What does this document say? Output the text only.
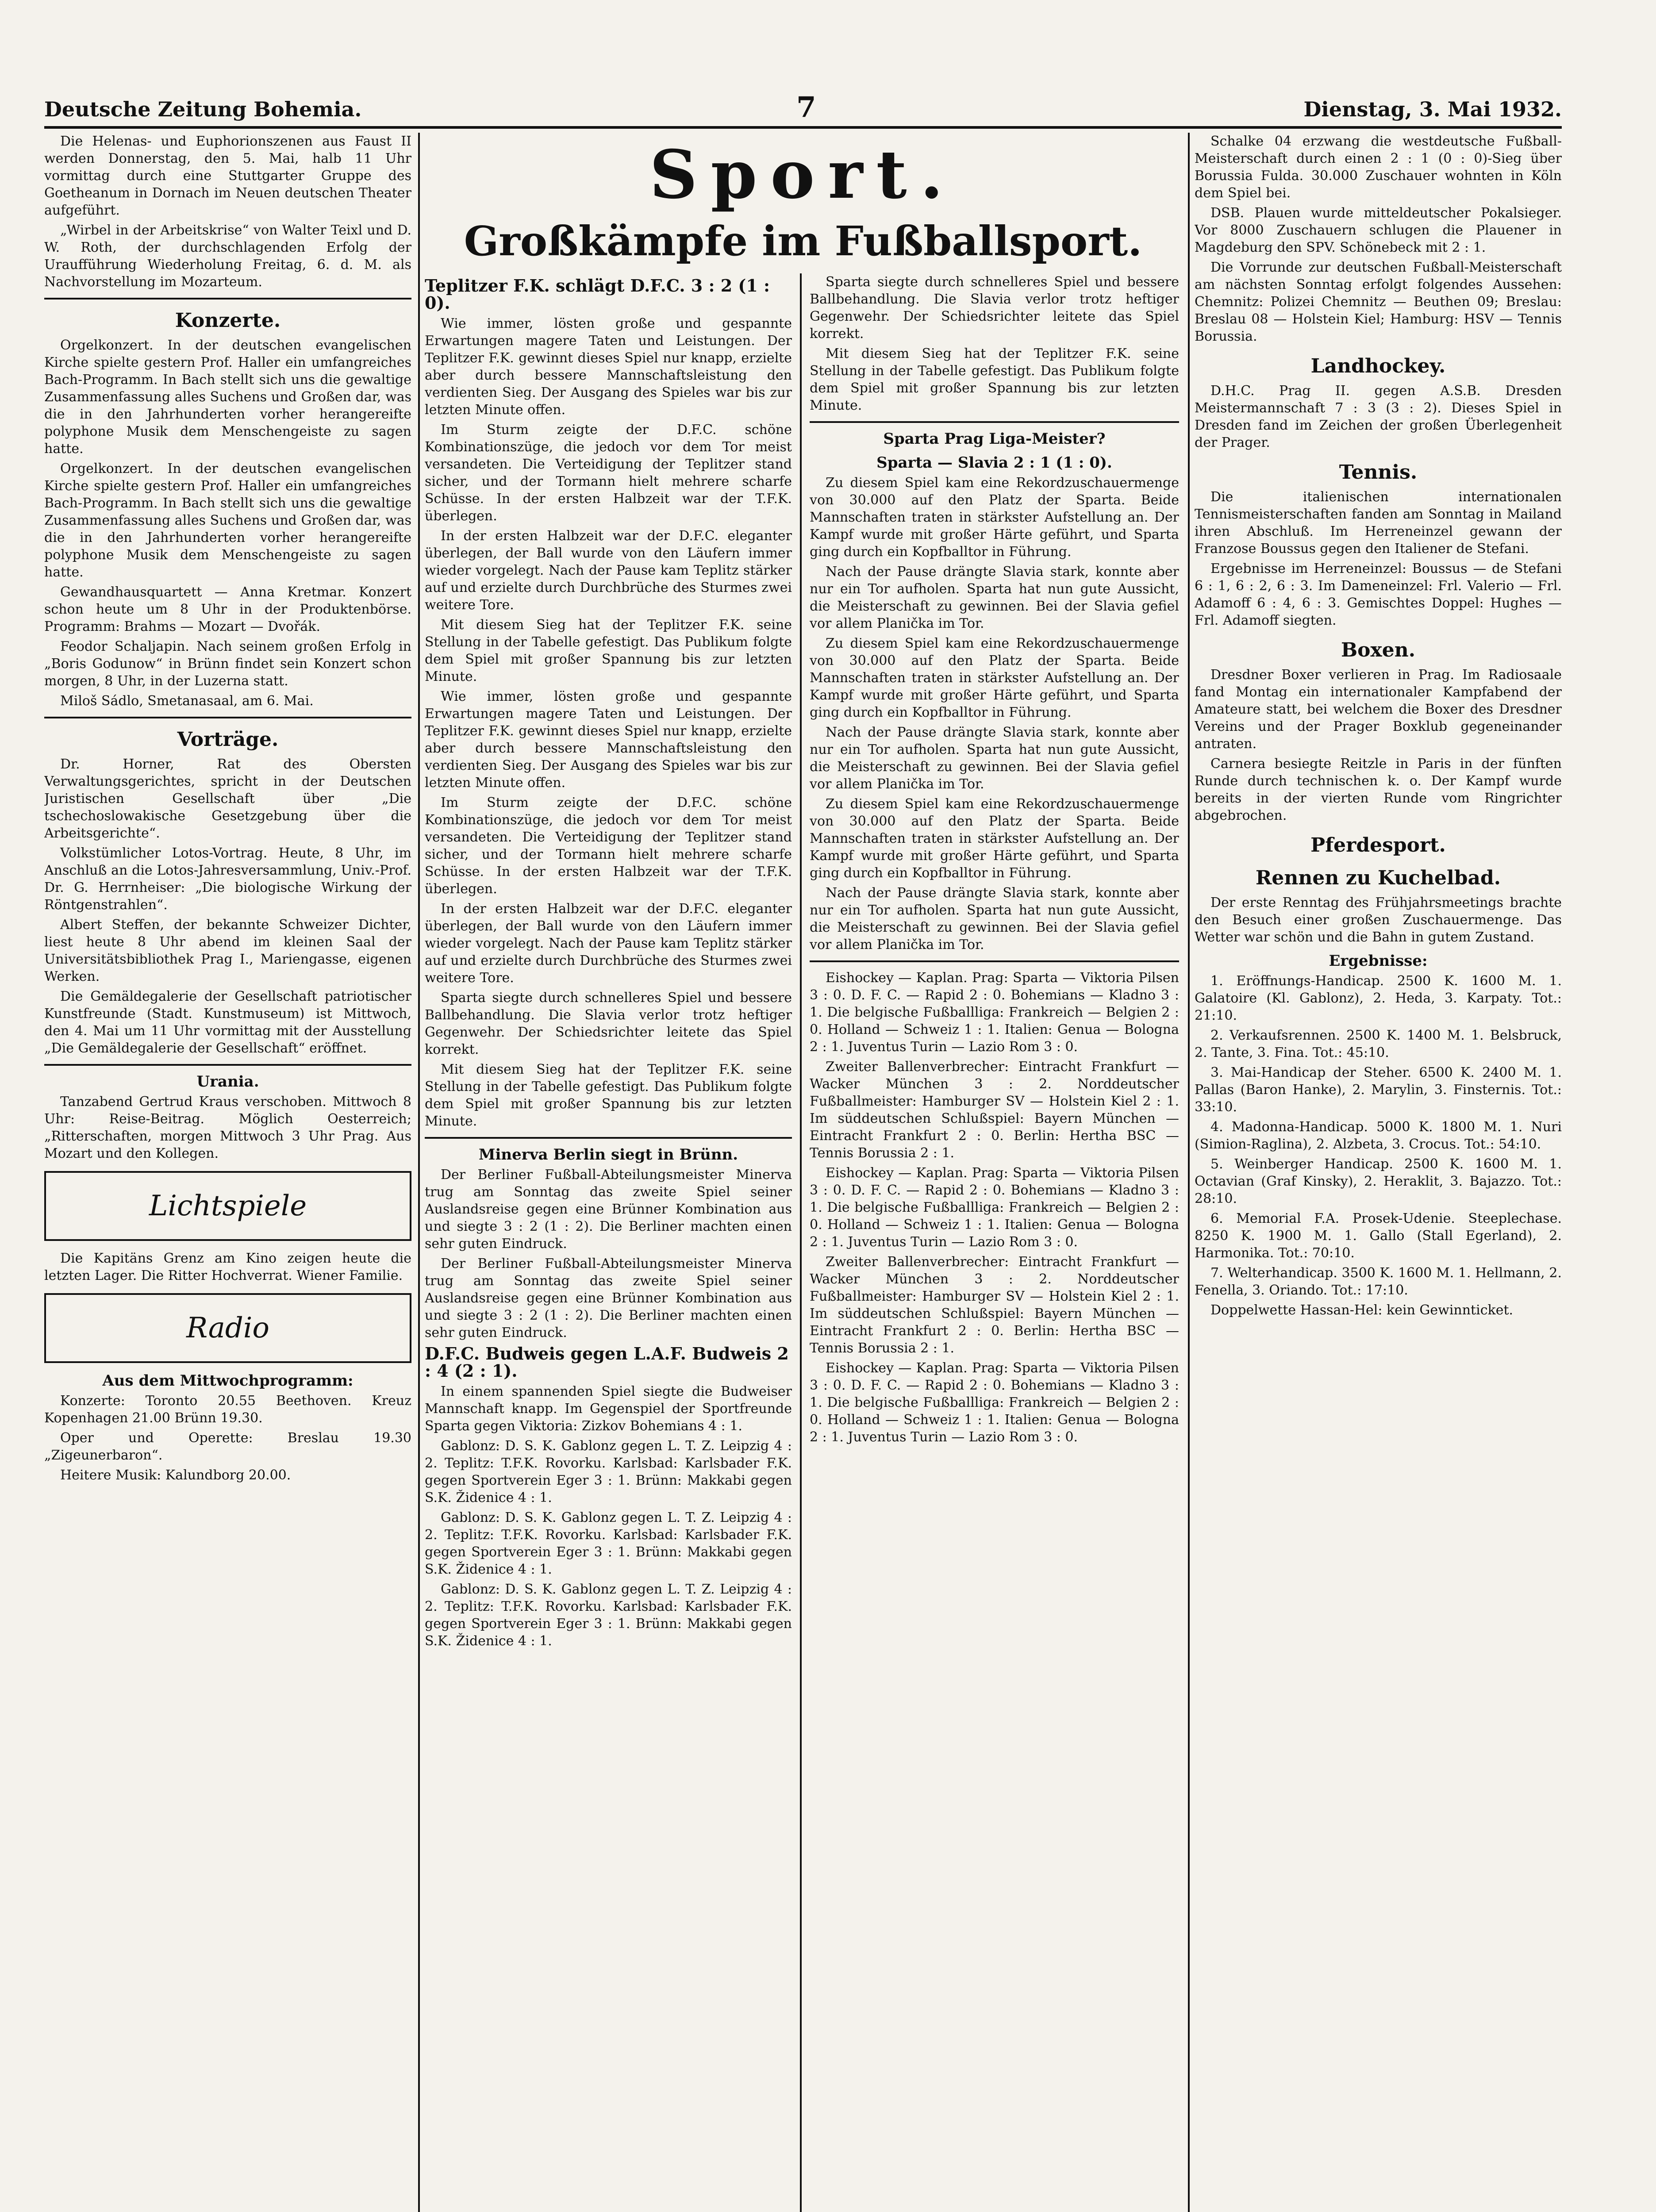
Deutsche Zeitung Bohemia.	7	Dienstag, 3. Mai 1932.

Die Helenas- und Euphorionszenen aus Faust II werden Donnerstag, den 5. Mai, halb 11 Uhr vormittag durch eine Stuttgarter Gruppe des Goetheanum in Dornach im Neuen deutschen Theater aufgeführt.

„Wirbel in der Arbeitskrise“ von Walter Teixl und D. W. Roth, der durchschlagenden Erfolg der Uraufführung Wiederholung Freitag, 6. d. M. als Nachvorstellung im Mozarteum.

Konzerte.

Orgelkonzert. In der deutschen evangelischen Kirche spielte gestern Prof. Haller ein umfangreiches Bach-Programm. In Bach stellt sich uns die gewaltige Zusammenfassung alles Suchens und Großen dar, was die in den Jahrhunderten vorher herangereifte polyphone Musik dem Menschengeiste zu sagen hatte.

Orgelkonzert. In der deutschen evangelischen Kirche spielte gestern Prof. Haller ein umfangreiches Bach-Programm. In Bach stellt sich uns die gewaltige Zusammenfassung alles Suchens und Großen dar, was die in den Jahrhunderten vorher herangereifte polyphone Musik dem Menschengeiste zu sagen hatte.

Gewandhausquartett — Anna Kretmar. Konzert schon heute um 8 Uhr in der Produktenbörse. Programm: Brahms — Mozart — Dvořák.

Feodor Schaljapin. Nach seinem großen Erfolg in „Boris Godunow“ in Brünn findet sein Konzert schon morgen, 8 Uhr, in der Luzerna statt.

Miloš Sádlo, Smetanasaal, am 6. Mai.

Vorträge.

Dr. Horner, Rat des Obersten Verwaltungsgerichtes, spricht in der Deutschen Juristischen Gesellschaft über „Die tschechoslowakische Gesetzgebung über die Arbeitsgerichte“.

Volkstümlicher Lotos-Vortrag. Heute, 8 Uhr, im Anschluß an die Lotos-Jahresversammlung, Univ.-Prof. Dr. G. Herrnheiser: „Die biologische Wirkung der Röntgenstrahlen“.

Albert Steffen, der bekannte Schweizer Dichter, liest heute 8 Uhr abend im kleinen Saal der Universitätsbibliothek Prag I., Mariengasse, eigenen Werken.

Die Gemäldegalerie der Gesellschaft patriotischer Kunstfreunde (Stadt. Kunstmuseum) ist Mittwoch, den 4. Mai um 11 Uhr vormittag mit der Ausstellung „Die Gemäldegalerie der Gesellschaft“ eröffnet.

Urania.

Tanzabend Gertrud Kraus verschoben. Mittwoch 8 Uhr: Reise-Beitrag. Möglich Oesterreich; „Ritterschaften, morgen Mittwoch 3 Uhr Prag. Aus Mozart und den Kollegen.

Lichtspiele

Die Kapitäns Grenz am Kino zeigen heute die letzten Lager. Die Ritter Hochverrat. Wiener Familie.

Radio
Aus dem Mittwochprogramm:

Konzerte: Toronto 20.55 Beethoven. Kreuz Kopenhagen 21.00 Brünn 19.30.

Oper und Operette: Breslau 19.30 „Zigeunerbaron“.

Heitere Musik: Kalundborg 20.00.

Sport.
Großkämpfe im Fußballsport.
Teplitzer F.K. schlägt D.F.C. 3 : 2 (1 : 0).

Wie immer, lösten große und gespannte Erwartungen magere Taten und Leistungen. Der Teplitzer F.K. gewinnt dieses Spiel nur knapp, erzielte aber durch bessere Mannschaftsleistung den verdienten Sieg. Der Ausgang des Spieles war bis zur letzten Minute offen.

Im Sturm zeigte der D.F.C. schöne Kombinationszüge, die jedoch vor dem Tor meist versandeten. Die Verteidigung der Teplitzer stand sicher, und der Tormann hielt mehrere scharfe Schüsse. In der ersten Halbzeit war der T.F.K. überlegen.

In der ersten Halbzeit war der D.F.C. eleganter überlegen, der Ball wurde von den Läufern immer wieder vorgelegt. Nach der Pause kam Teplitz stärker auf und erzielte durch Durchbrüche des Sturmes zwei weitere Tore.

Mit diesem Sieg hat der Teplitzer F.K. seine Stellung in der Tabelle gefestigt. Das Publikum folgte dem Spiel mit großer Spannung bis zur letzten Minute.

Wie immer, lösten große und gespannte Erwartungen magere Taten und Leistungen. Der Teplitzer F.K. gewinnt dieses Spiel nur knapp, erzielte aber durch bessere Mannschaftsleistung den verdienten Sieg. Der Ausgang des Spieles war bis zur letzten Minute offen.

Im Sturm zeigte der D.F.C. schöne Kombinationszüge, die jedoch vor dem Tor meist versandeten. Die Verteidigung der Teplitzer stand sicher, und der Tormann hielt mehrere scharfe Schüsse. In der ersten Halbzeit war der T.F.K. überlegen.

In der ersten Halbzeit war der D.F.C. eleganter überlegen, der Ball wurde von den Läufern immer wieder vorgelegt. Nach der Pause kam Teplitz stärker auf und erzielte durch Durchbrüche des Sturmes zwei weitere Tore.

Sparta siegte durch schnelleres Spiel und bessere Ballbehandlung. Die Slavia verlor trotz heftiger Gegenwehr. Der Schiedsrichter leitete das Spiel korrekt.

Mit diesem Sieg hat der Teplitzer F.K. seine Stellung in der Tabelle gefestigt. Das Publikum folgte dem Spiel mit großer Spannung bis zur letzten Minute.

Minerva Berlin siegt in Brünn.

Der Berliner Fußball-Abteilungsmeister Minerva trug am Sonntag das zweite Spiel seiner Auslandsreise gegen eine Brünner Kombination aus und siegte 3 : 2 (1 : 2). Die Berliner machten einen sehr guten Eindruck.

Der Berliner Fußball-Abteilungsmeister Minerva trug am Sonntag das zweite Spiel seiner Auslandsreise gegen eine Brünner Kombination aus und siegte 3 : 2 (1 : 2). Die Berliner machten einen sehr guten Eindruck.

D.F.C. Budweis gegen L.A.F. Budweis 2 : 4 (2 : 1).

In einem spannenden Spiel siegte die Budweiser Mannschaft knapp. Im Gegenspiel der Sportfreunde Sparta gegen Viktoria: Zizkov Bohemians 4 : 1.

Gablonz: D. S. K. Gablonz gegen L. T. Z. Leipzig 4 : 2. Teplitz: T.F.K. Rovorku. Karlsbad: Karlsbader F.K. gegen Sportverein Eger 3 : 1. Brünn: Makkabi gegen S.K. Židenice 4 : 1.

Gablonz: D. S. K. Gablonz gegen L. T. Z. Leipzig 4 : 2. Teplitz: T.F.K. Rovorku. Karlsbad: Karlsbader F.K. gegen Sportverein Eger 3 : 1. Brünn: Makkabi gegen S.K. Židenice 4 : 1.

Gablonz: D. S. K. Gablonz gegen L. T. Z. Leipzig 4 : 2. Teplitz: T.F.K. Rovorku. Karlsbad: Karlsbader F.K. gegen Sportverein Eger 3 : 1. Brünn: Makkabi gegen S.K. Židenice 4 : 1.

Sparta siegte durch schnelleres Spiel und bessere Ballbehandlung. Die Slavia verlor trotz heftiger Gegenwehr. Der Schiedsrichter leitete das Spiel korrekt.

Mit diesem Sieg hat der Teplitzer F.K. seine Stellung in der Tabelle gefestigt. Das Publikum folgte dem Spiel mit großer Spannung bis zur letzten Minute.

Sparta Prag Liga-Meister?
Sparta — Slavia 2 : 1 (1 : 0).

Zu diesem Spiel kam eine Rekordzuschauermenge von 30.000 auf den Platz der Sparta. Beide Mannschaften traten in stärkster Aufstellung an. Der Kampf wurde mit großer Härte geführt, und Sparta ging durch ein Kopfballtor in Führung.

Nach der Pause drängte Slavia stark, konnte aber nur ein Tor aufholen. Sparta hat nun gute Aussicht, die Meisterschaft zu gewinnen. Bei der Slavia gefiel vor allem Planička im Tor.

Zu diesem Spiel kam eine Rekordzuschauermenge von 30.000 auf den Platz der Sparta. Beide Mannschaften traten in stärkster Aufstellung an. Der Kampf wurde mit großer Härte geführt, und Sparta ging durch ein Kopfballtor in Führung.

Nach der Pause drängte Slavia stark, konnte aber nur ein Tor aufholen. Sparta hat nun gute Aussicht, die Meisterschaft zu gewinnen. Bei der Slavia gefiel vor allem Planička im Tor.

Zu diesem Spiel kam eine Rekordzuschauermenge von 30.000 auf den Platz der Sparta. Beide Mannschaften traten in stärkster Aufstellung an. Der Kampf wurde mit großer Härte geführt, und Sparta ging durch ein Kopfballtor in Führung.

Nach der Pause drängte Slavia stark, konnte aber nur ein Tor aufholen. Sparta hat nun gute Aussicht, die Meisterschaft zu gewinnen. Bei der Slavia gefiel vor allem Planička im Tor.

Eishockey — Kaplan. Prag: Sparta — Viktoria Pilsen 3 : 0. D. F. C. — Rapid 2 : 0. Bohemians — Kladno 3 : 1. Die belgische Fußballliga: Frankreich — Belgien 2 : 0. Holland — Schweiz 1 : 1. Italien: Genua — Bologna 2 : 1. Juventus Turin — Lazio Rom 3 : 0.

Zweiter Ballenverbrecher: Eintracht Frankfurt — Wacker München 3 : 2. Norddeutscher Fußballmeister: Hamburger SV — Holstein Kiel 2 : 1. Im süddeutschen Schlußspiel: Bayern München — Eintracht Frankfurt 2 : 0. Berlin: Hertha BSC — Tennis Borussia 2 : 1.

Eishockey — Kaplan. Prag: Sparta — Viktoria Pilsen 3 : 0. D. F. C. — Rapid 2 : 0. Bohemians — Kladno 3 : 1. Die belgische Fußballliga: Frankreich — Belgien 2 : 0. Holland — Schweiz 1 : 1. Italien: Genua — Bologna 2 : 1. Juventus Turin — Lazio Rom 3 : 0.

Zweiter Ballenverbrecher: Eintracht Frankfurt — Wacker München 3 : 2. Norddeutscher Fußballmeister: Hamburger SV — Holstein Kiel 2 : 1. Im süddeutschen Schlußspiel: Bayern München — Eintracht Frankfurt 2 : 0. Berlin: Hertha BSC — Tennis Borussia 2 : 1.

Eishockey — Kaplan. Prag: Sparta — Viktoria Pilsen 3 : 0. D. F. C. — Rapid 2 : 0. Bohemians — Kladno 3 : 1. Die belgische Fußballliga: Frankreich — Belgien 2 : 0. Holland — Schweiz 1 : 1. Italien: Genua — Bologna 2 : 1. Juventus Turin — Lazio Rom 3 : 0.

Schalke 04 erzwang die westdeutsche Fußball-Meisterschaft durch einen 2 : 1 (0 : 0)-Sieg über Borussia Fulda. 30.000 Zuschauer wohnten in Köln dem Spiel bei.

DSB. Plauen wurde mitteldeutscher Pokalsieger. Vor 8000 Zuschauern schlugen die Plauener in Magdeburg den SPV. Schönebeck mit 2 : 1.

Die Vorrunde zur deutschen Fußball-Meisterschaft am nächsten Sonntag erfolgt folgendes Aussehen: Chemnitz: Polizei Chemnitz — Beuthen 09; Breslau: Breslau 08 — Holstein Kiel; Hamburg: HSV — Tennis Borussia.

Landhockey.

D.H.C. Prag II. gegen A.S.B. Dresden Meistermannschaft 7 : 3 (3 : 2). Dieses Spiel in Dresden fand im Zeichen der großen Überlegenheit der Prager.

Tennis.

Die italienischen internationalen Tennismeisterschaften fanden am Sonntag in Mailand ihren Abschluß. Im Herreneinzel gewann der Franzose Boussus gegen den Italiener de Stefani.

Ergebnisse im Herreneinzel: Boussus — de Stefani 6 : 1, 6 : 2, 6 : 3. Im Dameneinzel: Frl. Valerio — Frl. Adamoff 6 : 4, 6 : 3. Gemischtes Doppel: Hughes — Frl. Adamoff siegten.

Boxen.

Dresdner Boxer verlieren in Prag. Im Radiosaale fand Montag ein internationaler Kampfabend der Amateure statt, bei welchem die Boxer des Dresdner Vereins und der Prager Boxklub gegeneinander antraten.

Carnera besiegte Reitzle in Paris in der fünften Runde durch technischen k. o. Der Kampf wurde bereits in der vierten Runde vom Ringrichter abgebrochen.

Pferdesport.
Rennen zu Kuchelbad.

Der erste Renntag des Frühjahrsmeetings brachte den Besuch einer großen Zuschauermenge. Das Wetter war schön und die Bahn in gutem Zustand.

Ergebnisse:

1. Eröffnungs-Handicap. 2500 K. 1600 M. 1. Galatoire (Kl. Gablonz), 2. Heda, 3. Karpaty. Tot.: 21:10.

2. Verkaufsrennen. 2500 K. 1400 M. 1. Belsbruck, 2. Tante, 3. Fina. Tot.: 45:10.

3. Mai-Handicap der Steher. 6500 K. 2400 M. 1. Pallas (Baron Hanke), 2. Marylin, 3. Finsternis. Tot.: 33:10.

4. Madonna-Handicap. 5000 K. 1800 M. 1. Nuri (Simion-Raglina), 2. Alzbeta, 3. Crocus. Tot.: 54:10.

5. Weinberger Handicap. 2500 K. 1600 M. 1. Octavian (Graf Kinsky), 2. Heraklit, 3. Bajazzo. Tot.: 28:10.

6. Memorial F.A. Prosek-Udenie. Steeplechase. 8250 K. 1900 M. 1. Gallo (Stall Egerland), 2. Harmonika. Tot.: 70:10.

7. Welterhandicap. 3500 K. 1600 M. 1. Hellmann, 2. Fenella, 3. Oriando. Tot.: 17:10.

Doppelwette Hassan-Hel: kein Gewinnticket.
